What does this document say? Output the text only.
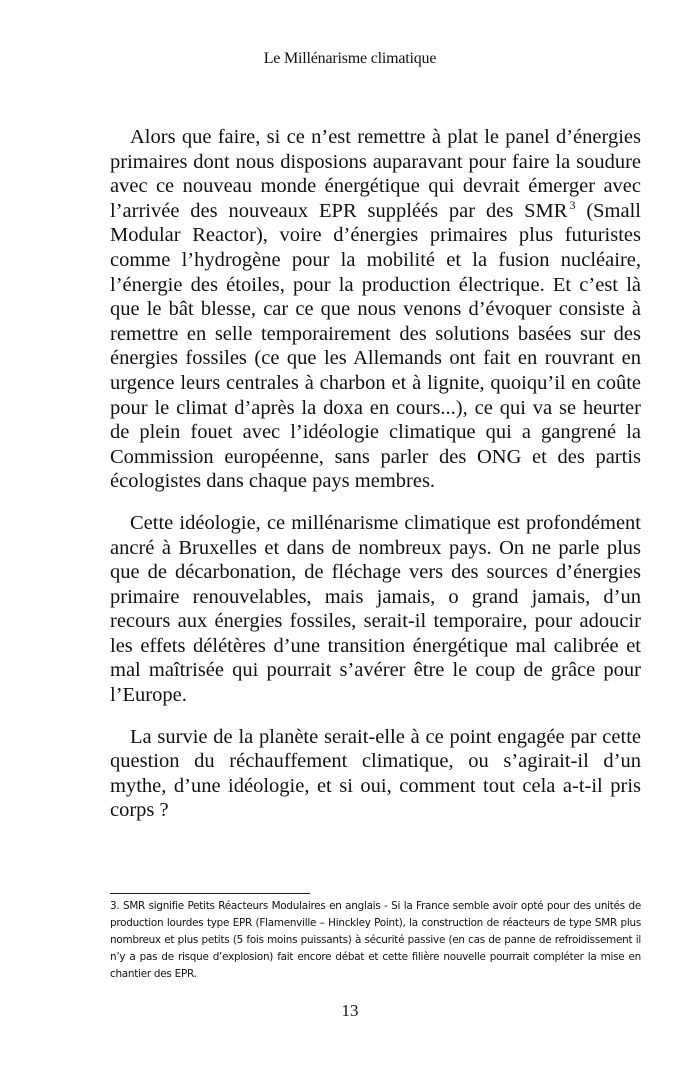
Le Millénarisme climatique

Alors que faire, si ce n’est remettre à plat le panel d’énergies primaires dont nous disposions auparavant pour faire la soudure avec ce nouveau monde énergétique qui devrait émerger avec l’arrivée des nouveaux EPR suppléés par des SMR $^3$ (Small Modular Reactor), voire d’énergies primaires plus futuristes comme l’hydrogène pour la mobilité et la fusion nucléaire, l’énergie des étoiles, pour la production électrique. Et c’est là que le bât blesse, car ce que nous venons d’évoquer consiste à remettre en selle temporairement des solutions basées sur des énergies fossiles (ce que les Allemands ont fait en rouvrant en urgence leurs centrales à charbon et à lignite, quoiqu’il en coûte pour le climat d’après la doxa en cours...), ce qui va se heurter de plein fouet avec l’idéologie climatique qui a gangrené la Commission européenne, sans parler des ONG et des partis écologistes dans chaque pays membres.

Cette idéologie, ce millénarisme climatique est profondément ancré à Bruxelles et dans de nombreux pays. On ne parle plus que de décarbonation, de fléchage vers des sources d’énergies primaire renouvelables, mais jamais, o grand jamais, d’un recours aux énergies fossiles, serait-il temporaire, pour adoucir les effets délétères d’une transition énergétique mal calibrée et mal maîtrisée qui pourrait s’avérer être le coup de grâce pour l’Europe.

La survie de la planète serait-elle à ce point engagée par cette question du réchauffement climatique, ou s’agirait-il d’un mythe, d’une idéologie, et si oui, comment tout cela a-t-il pris corps ?

3. SMR signifie Petits Réacteurs Modulaires en anglais - Si la France semble avoir opté pour des unités de production lourdes type EPR (Flamenville – Hinckley Point), la construction de réacteurs de type SMR plus nombreux et plus petits (5 fois moins puissants) à sécurité passive (en cas de panne de refroidissement il n’y a pas de risque d’explosion) fait encore débat et cette filière nouvelle pourrait compléter la mise en chantier des EPR.
13
